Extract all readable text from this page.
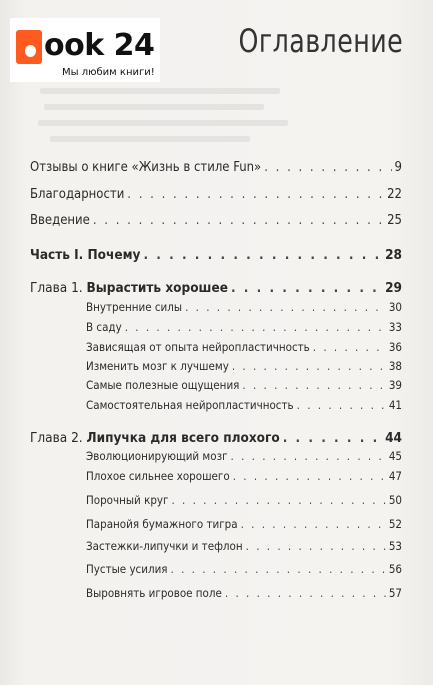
ook 24
Мы любим книги!
Оглавление
Отзывы о книге «Жизнь в стиле Fun» . . .	9
Благодарности . . .	22
Введение . . .	25
Часть I. Почему . . .	28
Глава 1. Вырастить хорошее . . .	29
Внутренние силы . . .	30
В саду . . .	33
Зависящая от опыта нейропластичность . . .	36
Изменить мозг к лучшему . . .	38
Самые полезные ощущения . . .	39
Самостоятельная нейропластичность . . .	41
Глава 2. Липучка для всего плохого . . .	44
Эволюционирующий мозг . . .	45
Плохое сильнее хорошего . . .	47
Порочный круг . . .	50
Паранойя бумажного тигра . . .	52
Застежки-липучки и тефлон . . .	53
Пустые усилия . . .	56
Выровнять игровое поле . . .	57
